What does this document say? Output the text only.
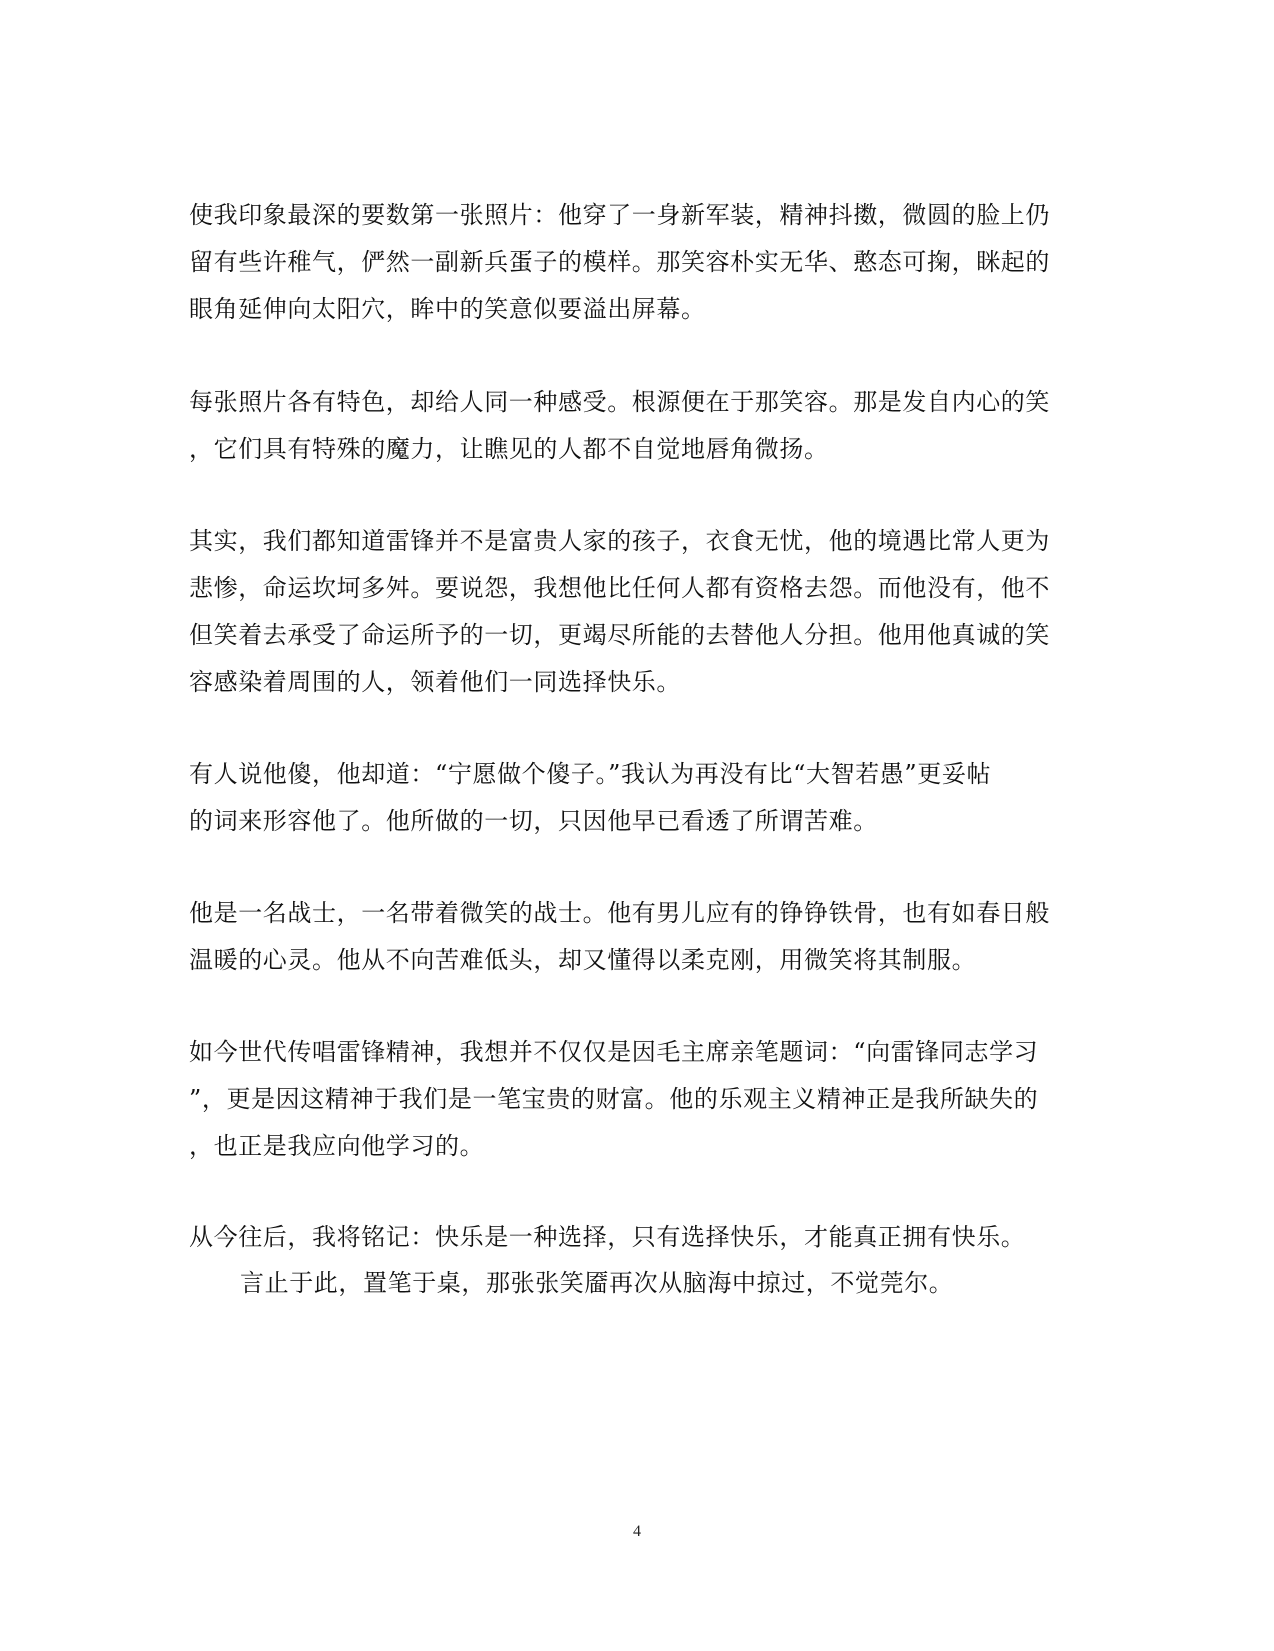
使我印象最深的要数第一张照片：他穿了一身新军装，精神抖擞，微圆的脸上仍
留有些许稚气，俨然一副新兵蛋子的模样。那笑容朴实无华、憨态可掬，眯起的
眼角延伸向太阳穴，眸中的笑意似要溢出屏幕。
每张照片各有特色，却给人同一种感受。根源便在于那笑容。那是发自内心的笑
，它们具有特殊的魔力，让瞧见的人都不自觉地唇角微扬。
其实，我们都知道雷锋并不是富贵人家的孩子，衣食无忧，他的境遇比常人更为
悲惨，命运坎坷多舛。要说怨，我想他比任何人都有资格去怨。而他没有，他不
但笑着去承受了命运所予的一切，更竭尽所能的去替他人分担。他用他真诚的笑
容感染着周围的人，领着他们一同选择快乐。
有人说他傻，他却道：“宁愿做个傻子。”我认为再没有比“大智若愚”更妥帖
的词来形容他了。他所做的一切，只因他早已看透了所谓苦难。
他是一名战士，一名带着微笑的战士。他有男儿应有的铮铮铁骨，也有如春日般
温暖的心灵。他从不向苦难低头，却又懂得以柔克刚，用微笑将其制服。
如今世代传唱雷锋精神，我想并不仅仅是因毛主席亲笔题词：“向雷锋同志学习
”，更是因这精神于我们是一笔宝贵的财富。他的乐观主义精神正是我所缺失的
，也正是我应向他学习的。
从今往后，我将铭记：快乐是一种选择，只有选择快乐，才能真正拥有快乐。
言止于此，置笔于桌，那张张笑靥再次从脑海中掠过，不觉莞尔。
4
